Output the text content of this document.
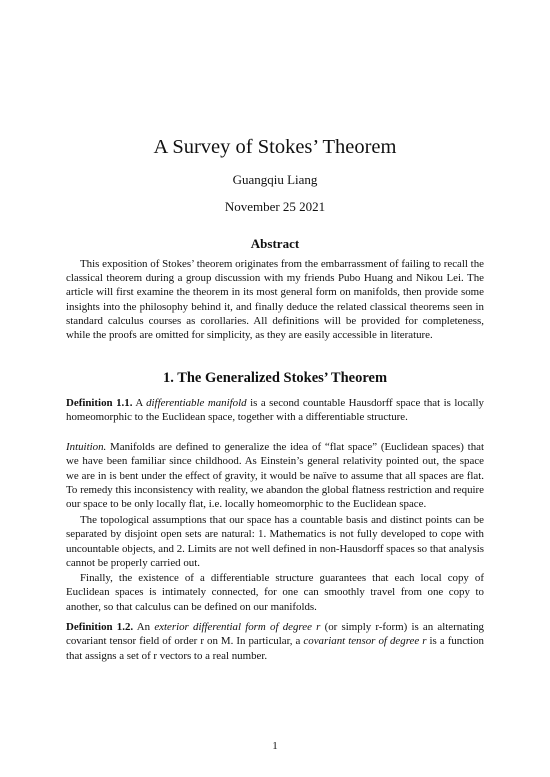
A Survey of Stokes’ Theorem
Guangqiu Liang
November 25 2021
Abstract

This exposition of Stokes’ theorem originates from the embarrassment of failing to recall the classical theorem during a group discussion with my friends Pubo Huang and Nikou Lei. The article will first examine the theorem in its most general form on manifolds, then provide some insights into the philosophy behind it, and finally deduce the related classical theorems seen in standard calculus courses as corollaries. All definitions will be provided for completeness, while the proofs are omitted for simplicity, as they are easily accessible in literature.

1. The Generalized Stokes’ Theorem

Definition 1.1. A differentiable manifold is a second countable Hausdorff space that is locally homeomorphic to the Euclidean space, together with a differentiable structure.

Intuition. Manifolds are defined to generalize the idea of “flat space” (Euclidean spaces) that we have been familiar since childhood. As Einstein’s general relativity pointed out, the space we are in is bent under the effect of gravity, it would be naïve to assume that all spaces are flat. To remedy this inconsistency with reality, we abandon the global flatness restriction and require our space to be only locally flat, i.e. locally homeomorphic to the Euclidean space.

The topological assumptions that our space has a countable basis and distinct points can be separated by disjoint open sets are natural: 1. Mathematics is not fully developed to cope with uncountable objects, and 2. Limits are not well defined in non-Hausdorff spaces so that analysis cannot be properly carried out.

Finally, the existence of a differentiable structure guarantees that each local copy of Euclidean spaces is intimately connected, for one can smoothly travel from one copy to another, so that calculus can be defined on our manifolds.

Definition 1.2. An exterior differential form of degree r (or simply r-form) is an alternating covariant tensor field of order r on M. In particular, a covariant tensor of degree r is a function that assigns a set of r vectors to a real number.

1
